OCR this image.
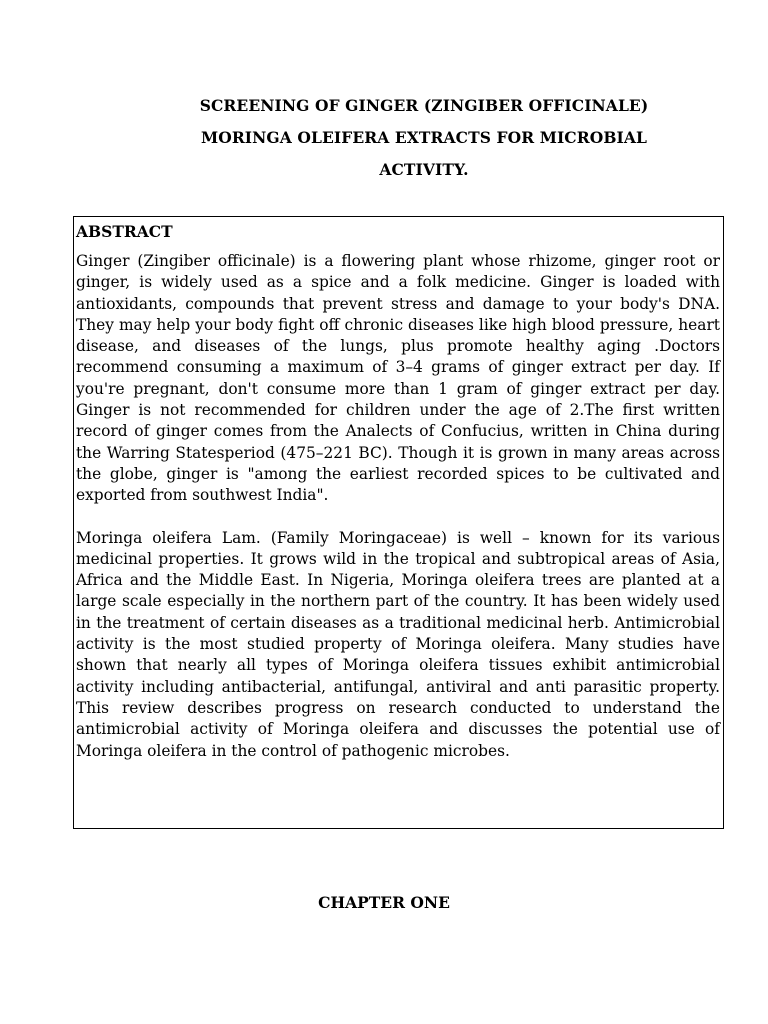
SCREENING OF GINGER (ZINGIBER OFFICINALE)
MORINGA OLEIFERA EXTRACTS FOR MICROBIAL
ACTIVITY.
ABSTRACT

Ginger (Zingiber officinale) is a flowering plant whose rhizome, ginger root or ginger, is widely used as a spice and a folk medicine. Ginger is loaded with antioxidants, compounds that prevent stress and damage to your body's DNA. They may help your body fight off chronic diseases like high blood pressure, heart disease, and diseases of the lungs, plus promote healthy aging .Doctors recommend consuming a maximum of 3–4 grams of ginger extract per day. If you're pregnant, don't consume more than 1 gram of ginger extract per day. Ginger is not recommended for children under the age of 2.The first written record of ginger comes from the Analects of Confucius, written in China during the Warring Statesperiod (475–221 BC). Though it is grown in many areas across the globe, ginger is "among the earliest recorded spices to be cultivated and exported from southwest India".

Moringa oleifera Lam. (Family Moringaceae) is well – known for its various medicinal properties. It grows wild in the tropical and subtropical areas of Asia, Africa and the Middle East. In Nigeria, Moringa oleifera trees are planted at a large scale especially in the northern part of the country. It has been widely used in the treatment of certain diseases as a traditional medicinal herb. Antimicrobial activity is the most studied property of Moringa oleifera. Many studies have shown that nearly all types of Moringa oleifera tissues exhibit antimicrobial activity including antibacterial, antifungal, antiviral and anti parasitic property. This review describes progress on research conducted to understand the antimicrobial activity of Moringa oleifera and discusses the potential use of Moringa oleifera in the control of pathogenic microbes.

CHAPTER ONE
